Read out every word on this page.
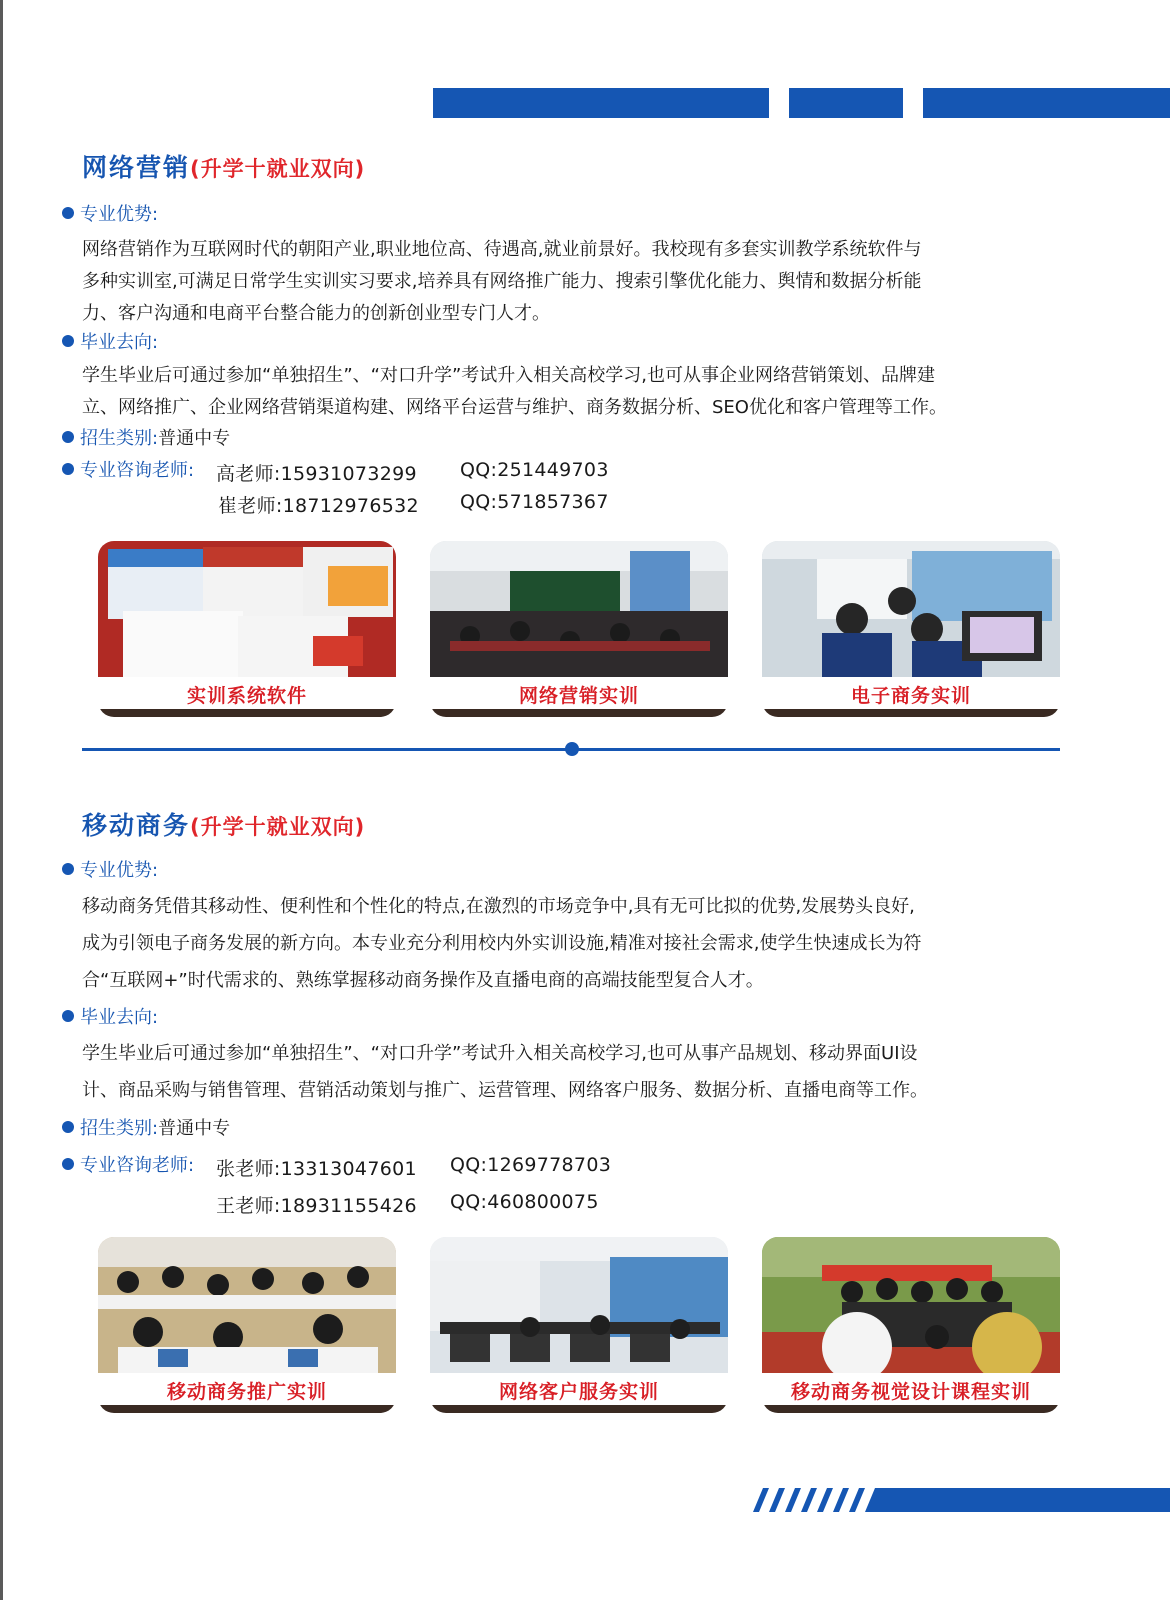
网络营销(升学十就业双向)
专业优势:

网络营销作为互联网时代的朝阳产业,职业地位高、待遇高,就业前景好。我校现有多套实训教学系统软件与

多种实训室,可满足日常学生实训实习要求,培养具有网络推广能力、搜索引擎优化能力、舆情和数据分析能

力、客户沟通和电商平台整合能力的创新创业型专门人才。

毕业去向:

学生毕业后可通过参加“单独招生”、“对口升学”考试升入相关高校学习,也可从事企业网络营销策划、品牌建

立、网络推广、企业网络营销渠道构建、网络平台运营与维护、商务数据分析、SEO优化和客户管理等工作。

招生类别:普通中专
专业咨询老师: 高老师:15931073299 QQ:251449703
崔老师:18712976532 QQ:571857367
实训系统软件	网络营销实训	电子商务实训
移动商务(升学十就业双向)
专业优势:

移动商务凭借其移动性、便利性和个性化的特点,在激烈的市场竞争中,具有无可比拟的优势,发展势头良好,

成为引领电子商务发展的新方向。本专业充分利用校内外实训设施,精准对接社会需求,使学生快速成长为符

合“互联网+”时代需求的、熟练掌握移动商务操作及直播电商的高端技能型复合人才。

毕业去向:

学生毕业后可通过参加“单独招生”、“对口升学”考试升入相关高校学习,也可从事产品规划、移动界面UI设

计、商品采购与销售管理、营销活动策划与推广、运营管理、网络客户服务、数据分析、直播电商等工作。

招生类别:普通中专
专业咨询老师: 张老师:13313047601 QQ:1269778703
王老师:18931155426 QQ:460800075
移动商务推广实训	网络客户服务实训	移动商务视觉设计课程实训
